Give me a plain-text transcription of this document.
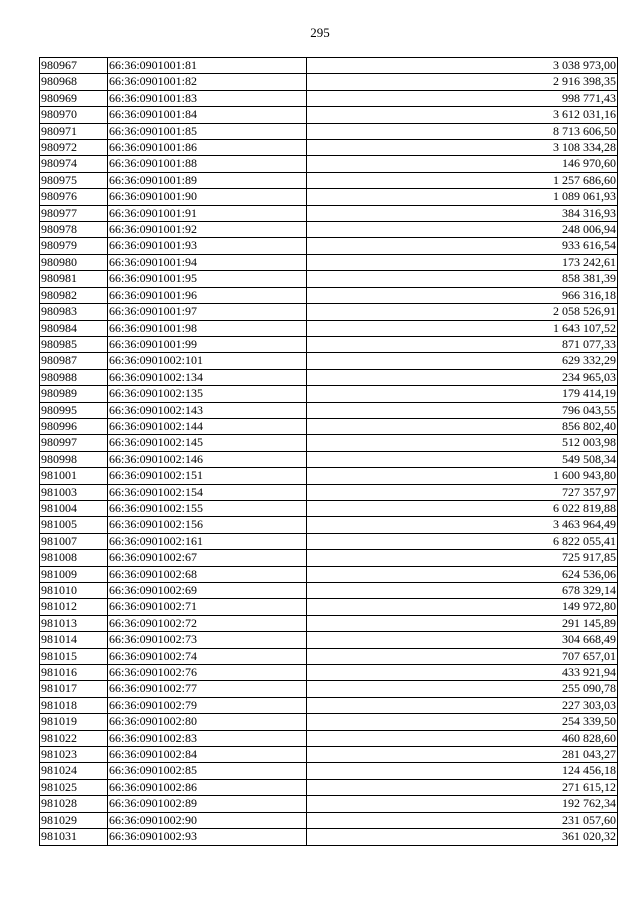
295
980967	66:36:0901001:81	3 038 973,00
980968	66:36:0901001:82	2 916 398,35
980969	66:36:0901001:83	998 771,43
980970	66:36:0901001:84	3 612 031,16
980971	66:36:0901001:85	8 713 606,50
980972	66:36:0901001:86	3 108 334,28
980974	66:36:0901001:88	146 970,60
980975	66:36:0901001:89	1 257 686,60
980976	66:36:0901001:90	1 089 061,93
980977	66:36:0901001:91	384 316,93
980978	66:36:0901001:92	248 006,94
980979	66:36:0901001:93	933 616,54
980980	66:36:0901001:94	173 242,61
980981	66:36:0901001:95	858 381,39
980982	66:36:0901001:96	966 316,18
980983	66:36:0901001:97	2 058 526,91
980984	66:36:0901001:98	1 643 107,52
980985	66:36:0901001:99	871 077,33
980987	66:36:0901002:101	629 332,29
980988	66:36:0901002:134	234 965,03
980989	66:36:0901002:135	179 414,19
980995	66:36:0901002:143	796 043,55
980996	66:36:0901002:144	856 802,40
980997	66:36:0901002:145	512 003,98
980998	66:36:0901002:146	549 508,34
981001	66:36:0901002:151	1 600 943,80
981003	66:36:0901002:154	727 357,97
981004	66:36:0901002:155	6 022 819,88
981005	66:36:0901002:156	3 463 964,49
981007	66:36:0901002:161	6 822 055,41
981008	66:36:0901002:67	725 917,85
981009	66:36:0901002:68	624 536,06
981010	66:36:0901002:69	678 329,14
981012	66:36:0901002:71	149 972,80
981013	66:36:0901002:72	291 145,89
981014	66:36:0901002:73	304 668,49
981015	66:36:0901002:74	707 657,01
981016	66:36:0901002:76	433 921,94
981017	66:36:0901002:77	255 090,78
981018	66:36:0901002:79	227 303,03
981019	66:36:0901002:80	254 339,50
981022	66:36:0901002:83	460 828,60
981023	66:36:0901002:84	281 043,27
981024	66:36:0901002:85	124 456,18
981025	66:36:0901002:86	271 615,12
981028	66:36:0901002:89	192 762,34
981029	66:36:0901002:90	231 057,60
981031	66:36:0901002:93	361 020,32
